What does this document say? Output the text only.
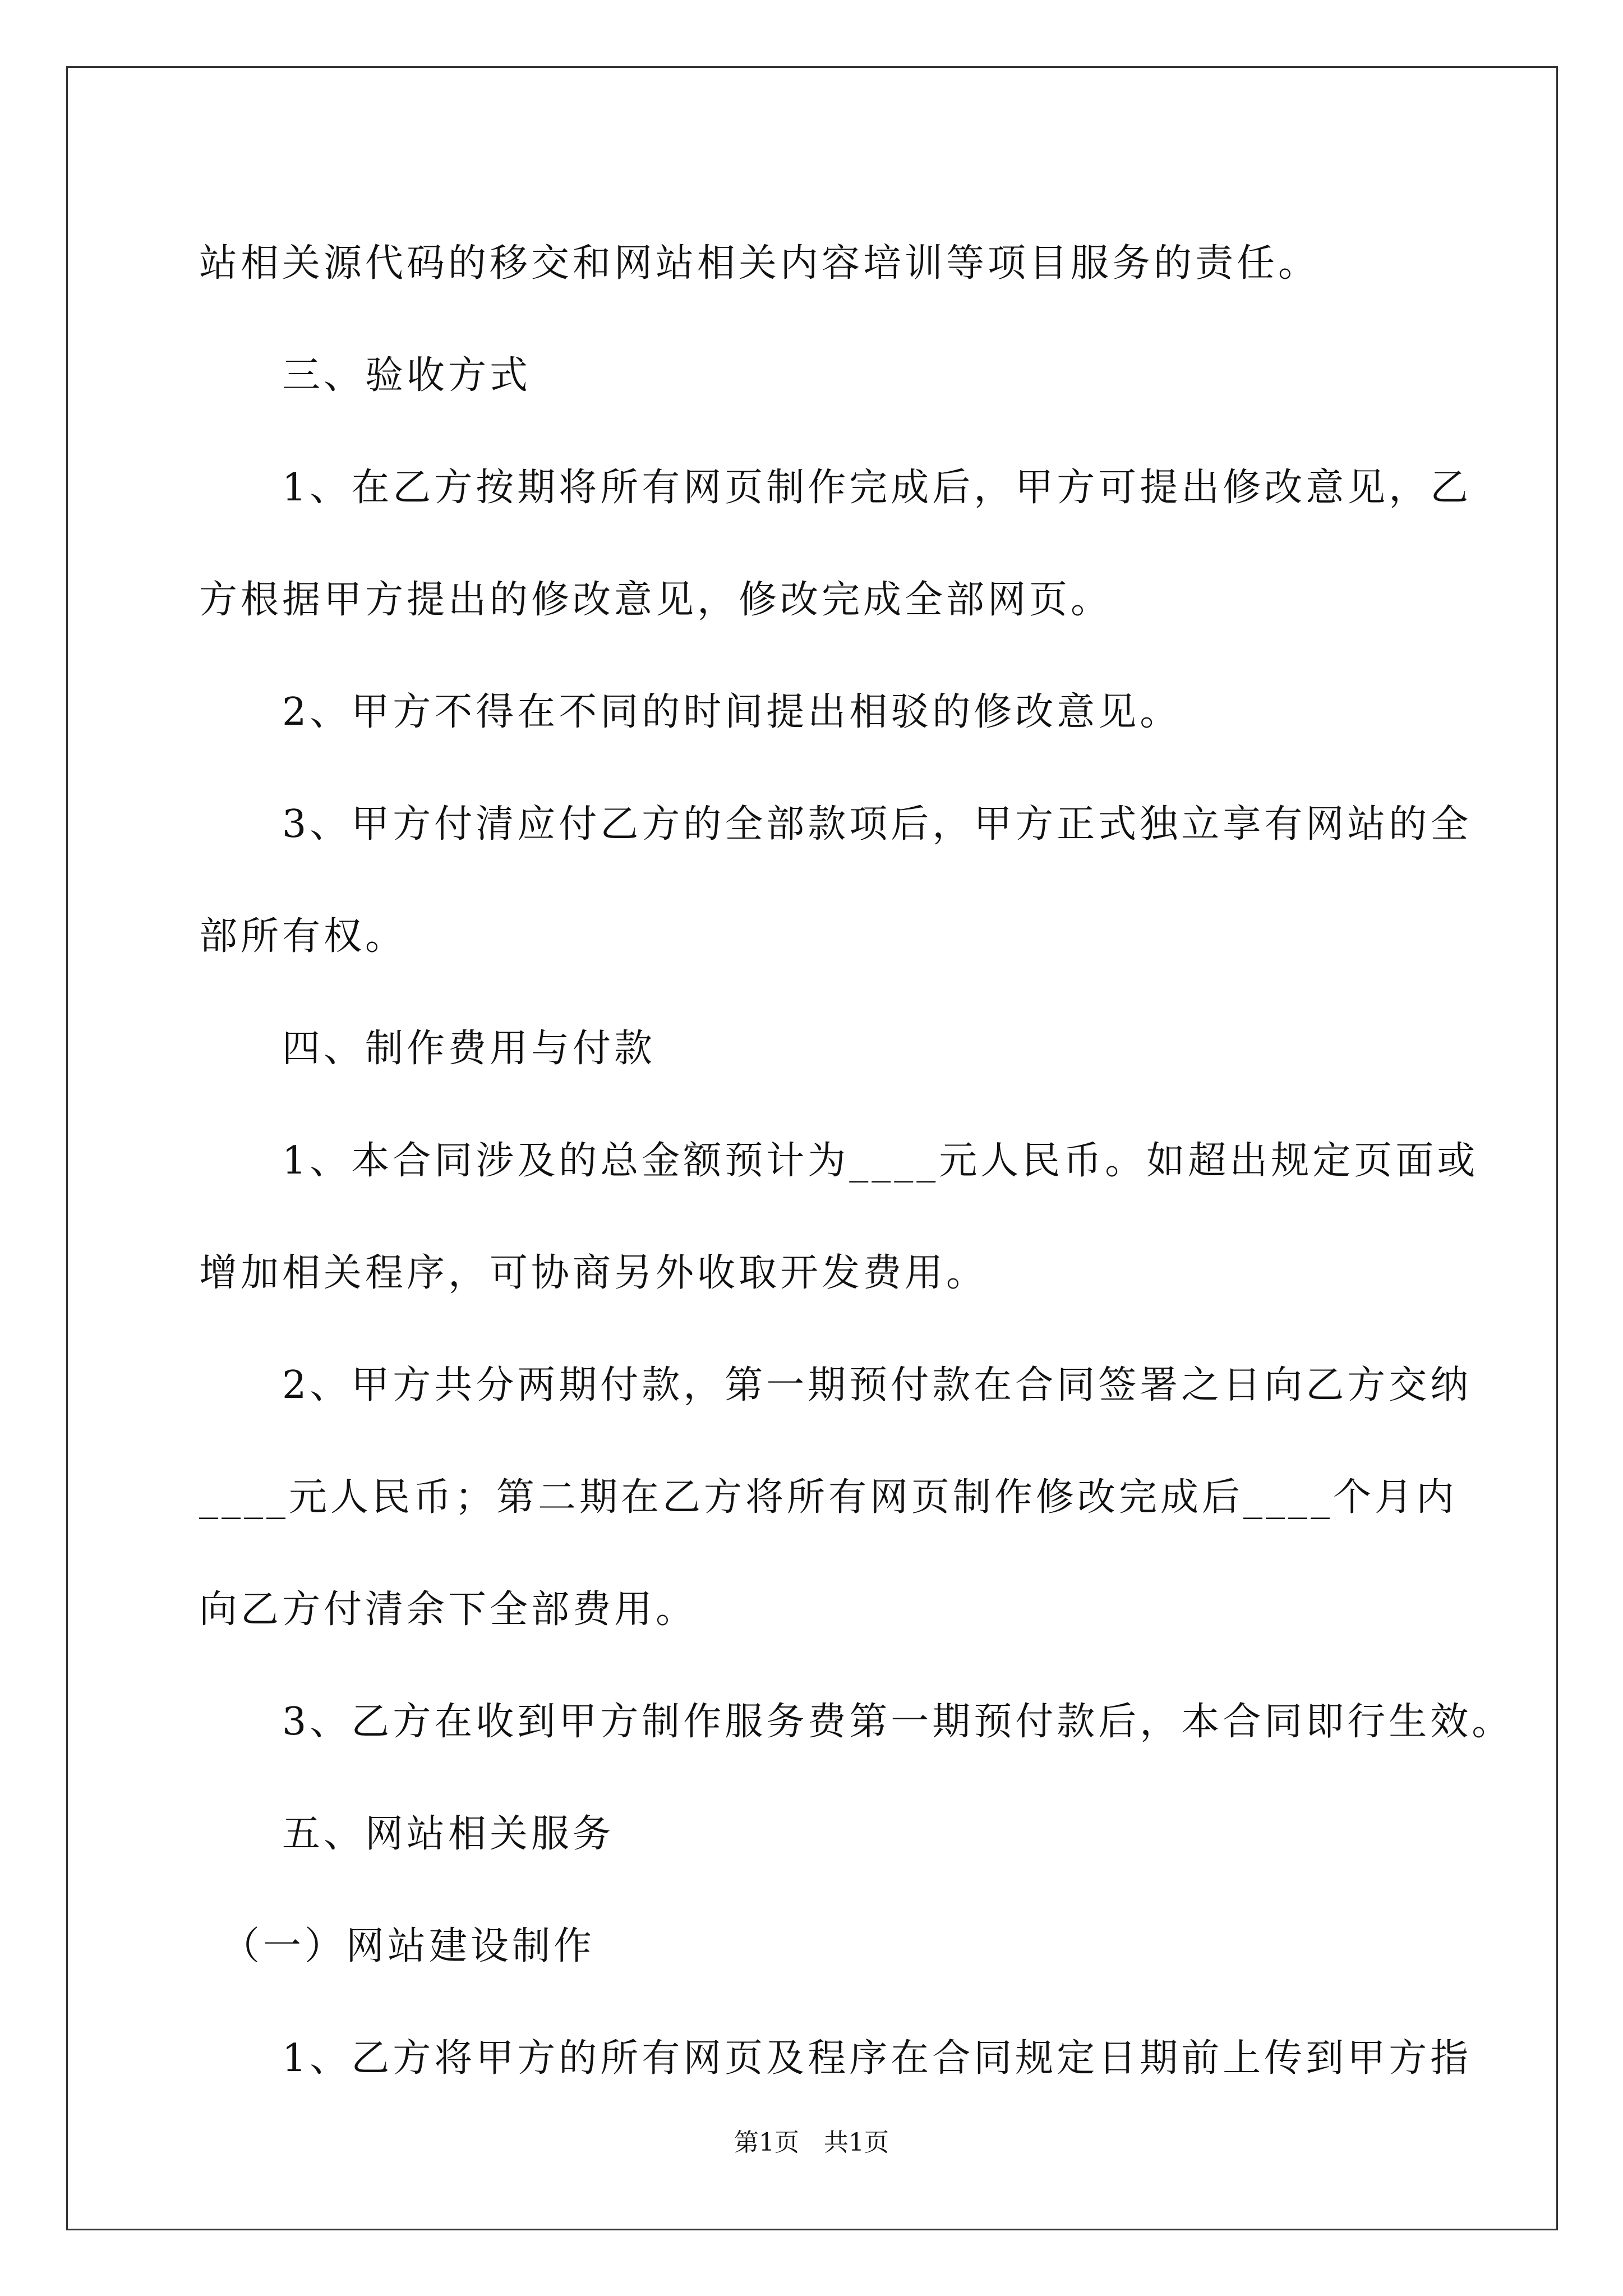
站相关源代码的移交和网站相关内容培训等项目服务的责任。

　　三、验收方式

　　1、在乙方按期将所有网页制作完成后，甲方可提出修改意见，乙

方根据甲方提出的修改意见，修改完成全部网页。

　　2、甲方不得在不同的时间提出相驳的修改意见。

　　3、甲方付清应付乙方的全部款项后，甲方正式独立享有网站的全

部所有权。

　　四、制作费用与付款

　　1、本合同涉及的总金额预计为____元人民币。如超出规定页面或

增加相关程序，可协商另外收取开发费用。

　　2、甲方共分两期付款，第一期预付款在合同签署之日向乙方交纳

____元人民币；第二期在乙方将所有网页制作修改完成后____个月内

向乙方付清余下全部费用。

　　3、乙方在收到甲方制作服务费第一期预付款后，本合同即行生效。

　　五、网站相关服务

　（一）网站建设制作

　　1、乙方将甲方的所有网页及程序在合同规定日期前上传到甲方指

第1页　共1页
